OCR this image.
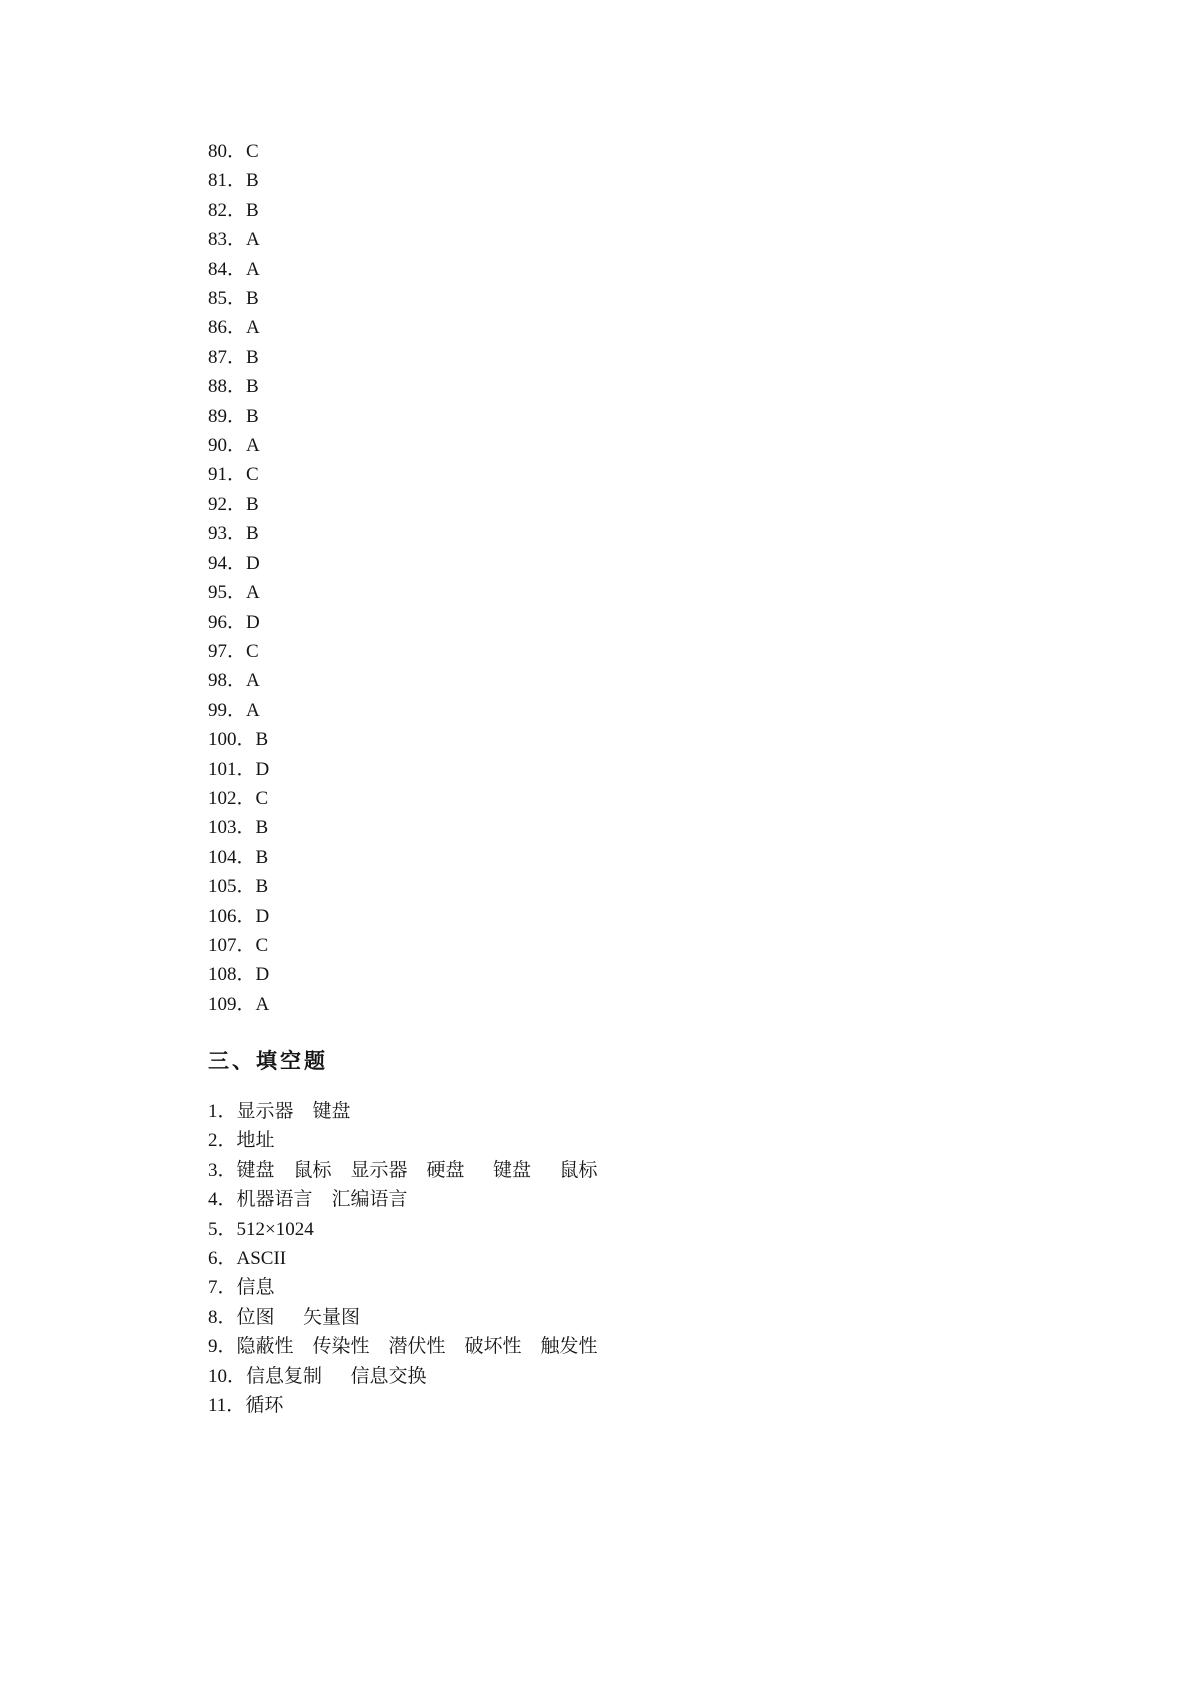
80．C
81．B
82．B
83．A
84．A
85．B
86．A
87．B
88．B
89．B
90．A
91．C
92．B
93．B
94．D
95．A
96．D
97．C
98．A
99．A
100．B
101．D
102．C
103．B
104．B
105．B
106．D
107．C
108．D
109．A
三、填空题
1．显示器　键盘
2．地址
3．键盘　鼠标　显示器　硬盘　  键盘　  鼠标
4．机器语言　汇编语言
5．512×1024
6．ASCII
7．信息
8．位图　  矢量图
9．隐蔽性　传染性　潜伏性　破坏性　触发性
10．信息复制　  信息交换
11．循环
